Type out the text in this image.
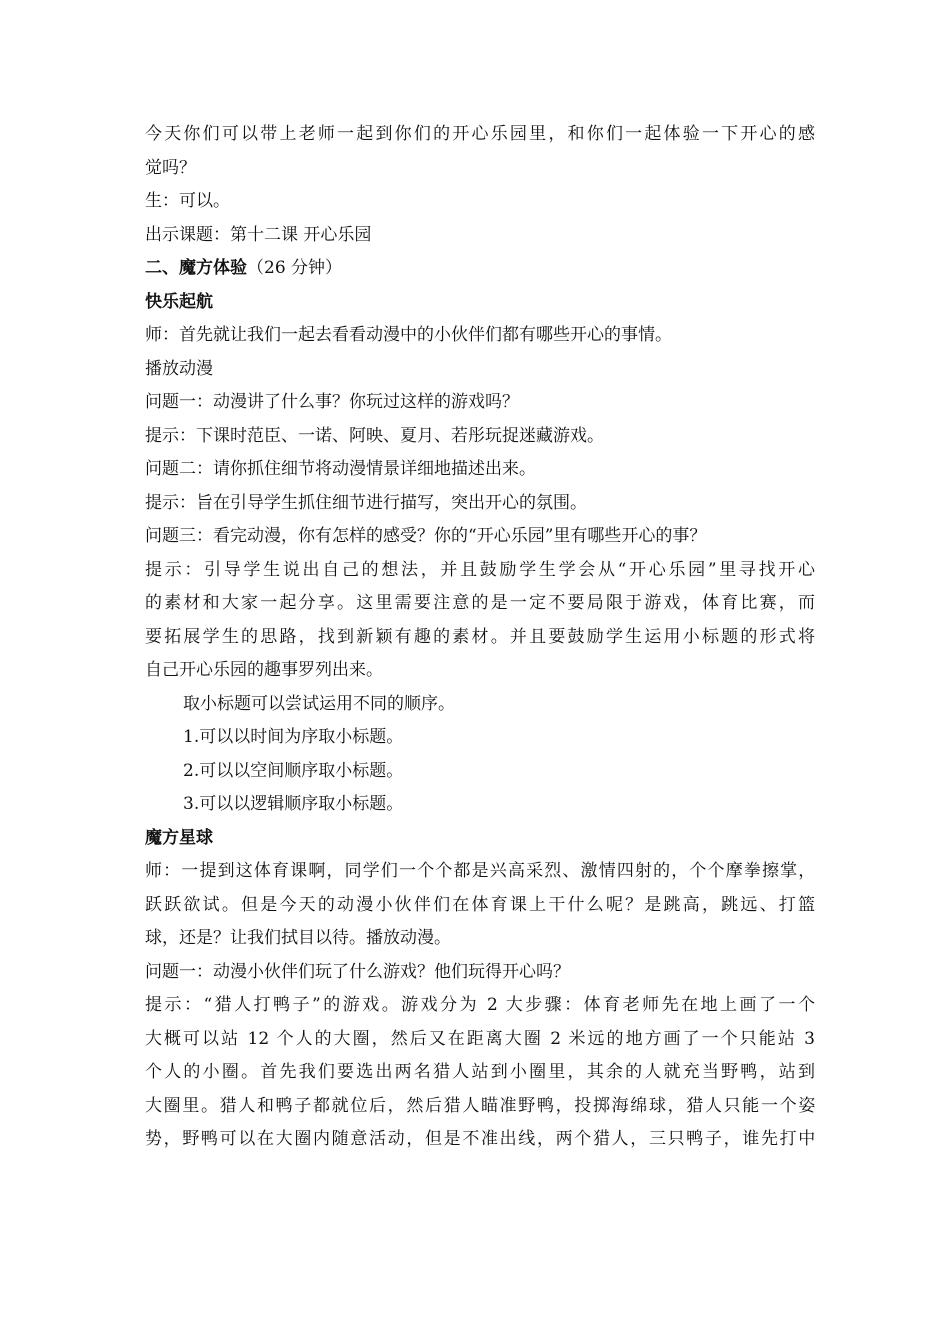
今天你们可以带上老师一起到你们的开心乐园里，和你们一起体验一下开心的感
觉吗？
生：可以。
出示课题：第十二课 开心乐园
二、魔方体验（26 分钟）
快乐起航
师：首先就让我们一起去看看动漫中的小伙伴们都有哪些开心的事情。
播放动漫
问题一：动漫讲了什么事？你玩过这样的游戏吗？
提示：下课时范臣、一诺、阿映、夏月、若彤玩捉迷藏游戏。
问题二：请你抓住细节将动漫情景详细地描述出来。
提示：旨在引导学生抓住细节进行描写，突出开心的氛围。
问题三：看完动漫，你有怎样的感受？你的“开心乐园”里有哪些开心的事？
提示：引导学生说出自己的想法，并且鼓励学生学会从“开心乐园”里寻找开心
的素材和大家一起分享。这里需要注意的是一定不要局限于游戏，体育比赛，而
要拓展学生的思路，找到新颖有趣的素材。并且要鼓励学生运用小标题的形式将
自己开心乐园的趣事罗列出来。
取小标题可以尝试运用不同的顺序。
1.可以以时间为序取小标题。
2.可以以空间顺序取小标题。
3.可以以逻辑顺序取小标题。
魔方星球
师：一提到这体育课啊，同学们一个个都是兴高采烈、激情四射的，个个摩拳擦掌，
跃跃欲试。但是今天的动漫小伙伴们在体育课上干什么呢？是跳高，跳远、打篮
球，还是？让我们拭目以待。播放动漫。
问题一：动漫小伙伴们玩了什么游戏？他们玩得开心吗？
提示：“猎人打鸭子”的游戏。游戏分为 2 大步骤：体育老师先在地上画了一个
大概可以站 12 个人的大圈，然后又在距离大圈 2 米远的地方画了一个只能站 3
个人的小圈。首先我们要选出两名猎人站到小圈里，其余的人就充当野鸭，站到
大圈里。猎人和鸭子都就位后，然后猎人瞄准野鸭，投掷海绵球，猎人只能一个姿
势，野鸭可以在大圈内随意活动，但是不准出线，两个猎人，三只鸭子，谁先打中
